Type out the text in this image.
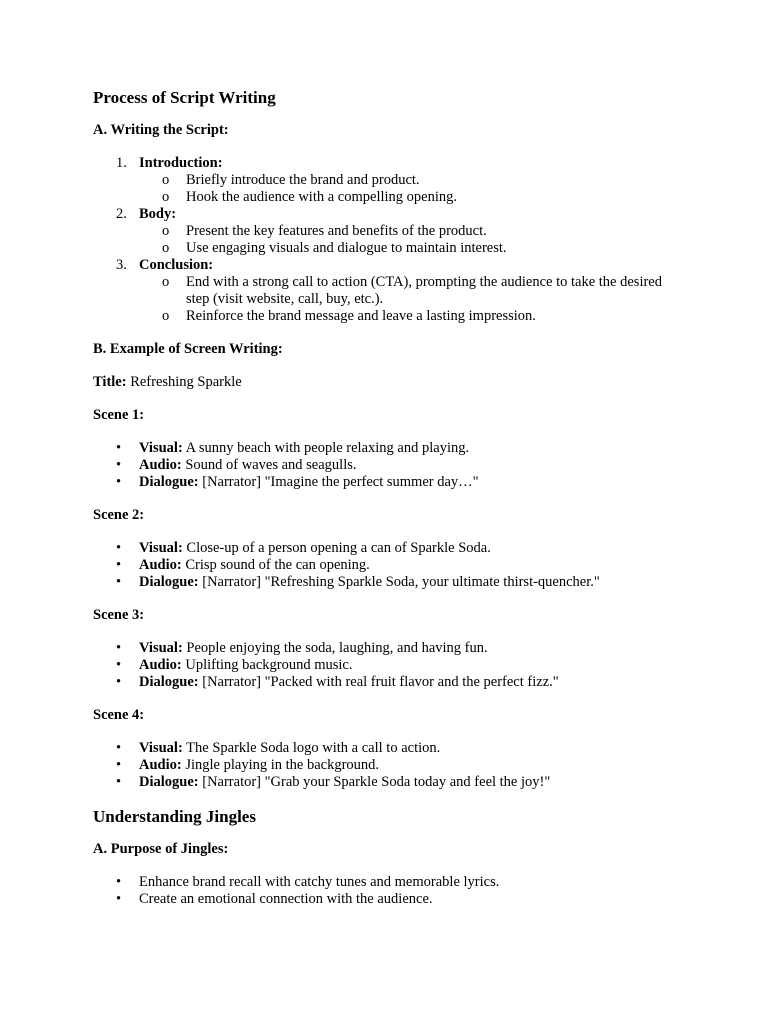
Process of Script Writing

A. Writing the Script:

1. Introduction:
o Briefly introduce the brand and product.
o Hook the audience with a compelling opening.
2. Body:
o Present the key features and benefits of the product.
o Use engaging visuals and dialogue to maintain interest.
3. Conclusion:
o End with a strong call to action (CTA), prompting the audience to take the desired step (visit website, call, buy, etc.).
o Reinforce the brand message and leave a lasting impression.

B. Example of Screen Writing:

Title: Refreshing Sparkle

Scene 1:

• Visual: A sunny beach with people relaxing and playing.
• Audio: Sound of waves and seagulls.
• Dialogue: [Narrator] "Imagine the perfect summer day…"

Scene 2:

• Visual: Close-up of a person opening a can of Sparkle Soda.
• Audio: Crisp sound of the can opening.
• Dialogue: [Narrator] "Refreshing Sparkle Soda, your ultimate thirst-quencher."

Scene 3:

• Visual: People enjoying the soda, laughing, and having fun.
• Audio: Uplifting background music.
• Dialogue: [Narrator] "Packed with real fruit flavor and the perfect fizz."

Scene 4:

• Visual: The Sparkle Soda logo with a call to action.
• Audio: Jingle playing in the background.
• Dialogue: [Narrator] "Grab your Sparkle Soda today and feel the joy!"

Understanding Jingles

A. Purpose of Jingles:

• Enhance brand recall with catchy tunes and memorable lyrics.
• Create an emotional connection with the audience.
